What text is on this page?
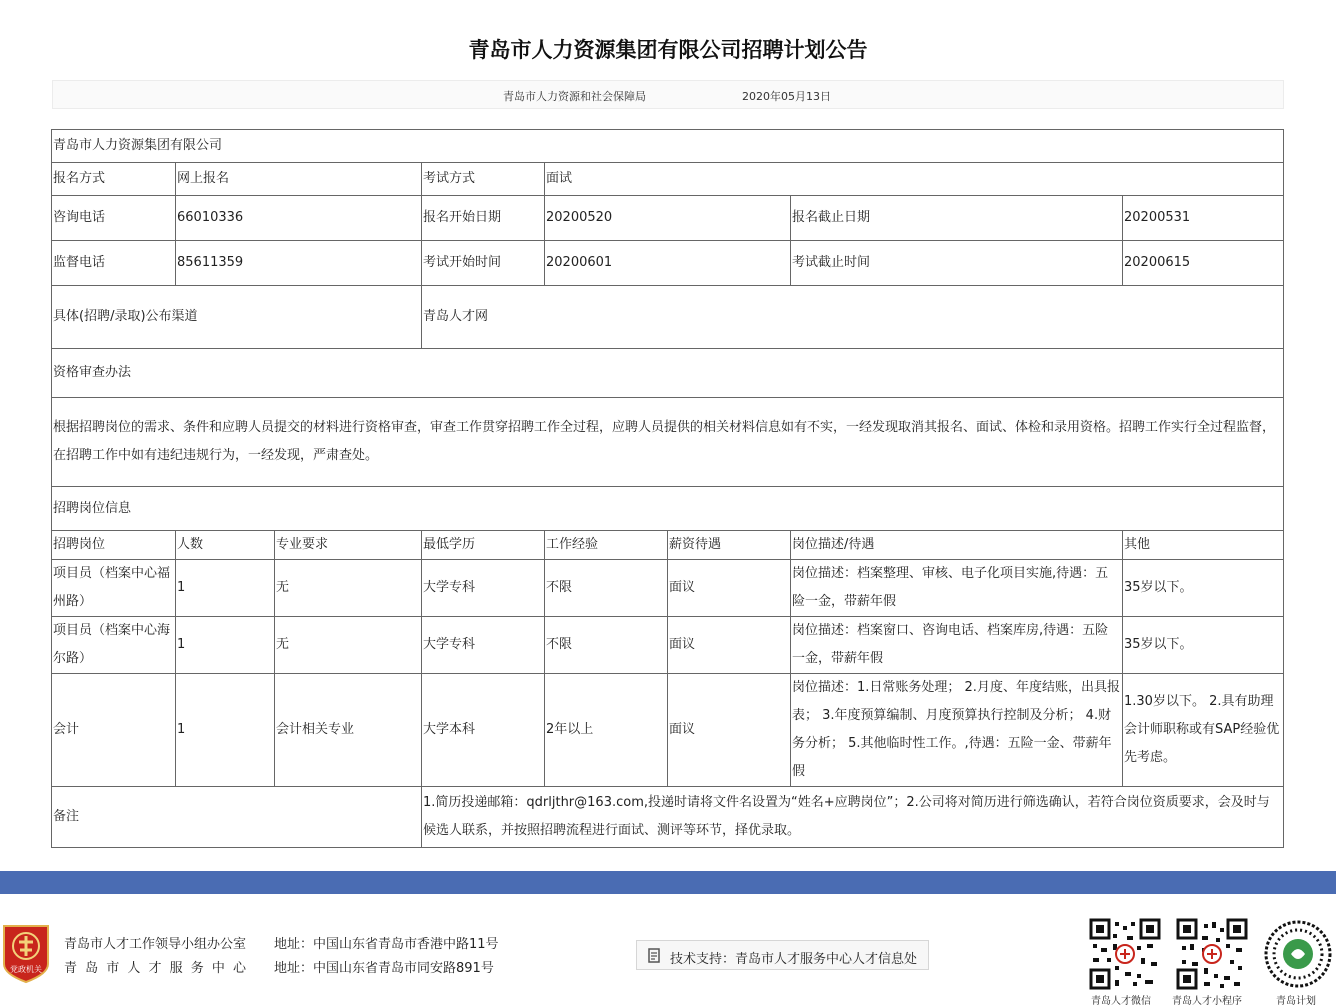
青岛市人力资源集团有限公司招聘计划公告
青岛市人力资源和社会保障局	2020年05月13日
青岛市人力资源集团有限公司							
报名方式	网上报名		考试方式	面试			
咨询电话	66010336		报名开始日期	20200520		报名截止日期	20200531
监督电话	85611359		考试开始时间	20200601		考试截止时间	20200615
具体(招聘/录取)公布渠道			青岛人才网				
资格审查办法							
根据招聘岗位的需求、条件和应聘人员提交的材料进行资格审查，审查工作贯穿招聘工作全过程，应聘人员提供的相关材料信息如有不实，一经发现取消其报名、面试、体检和录用资格。招聘工作实行全过程监督，在招聘工作中如有违纪违规行为，一经发现，严肃查处。							
招聘岗位信息							
招聘岗位	人数	专业要求	最低学历	工作经验	薪资待遇	岗位描述/待遇	其他
项目员（档案中心福州路）	1	无	大学专科	不限	面议	岗位描述：档案整理、审核、电子化项目实施,待遇：五险一金，带薪年假	35岁以下。
项目员（档案中心海尔路）	1	无	大学专科	不限	面议	岗位描述：档案窗口、咨询电话、档案库房,待遇：五险一金，带薪年假	35岁以下。
会计	1	会计相关专业	大学本科	2年以上	面议	岗位描述：1.日常账务处理； 2.月度、年度结账，出具报表； 3.年度预算编制、月度预算执行控制及分析； 4.财务分析； 5.其他临时性工作。,待遇：五险一金、带薪年假	1.30岁以下。 2.具有助理会计师职称或有SAP经验优先考虑。
备注			1.简历投递邮箱：qdrljthr@163.com,投递时请将文件名设置为“姓名+应聘岗位”；2.公司将对简历进行筛选确认，若符合岗位资质要求，会及时与候选人联系，并按照招聘流程进行面试、测评等环节，择优录取。				
党政机关
青岛市人才工作领导小组办公室 地址：中国山东省青岛市香港中路11号
青 岛 市 人 才 服 务 中 心 地址：中国山东省青岛市同安路891号
技术支持：青岛市人才服务中心人才信息处
青岛人才微信 青岛人才小程序	青岛计划
